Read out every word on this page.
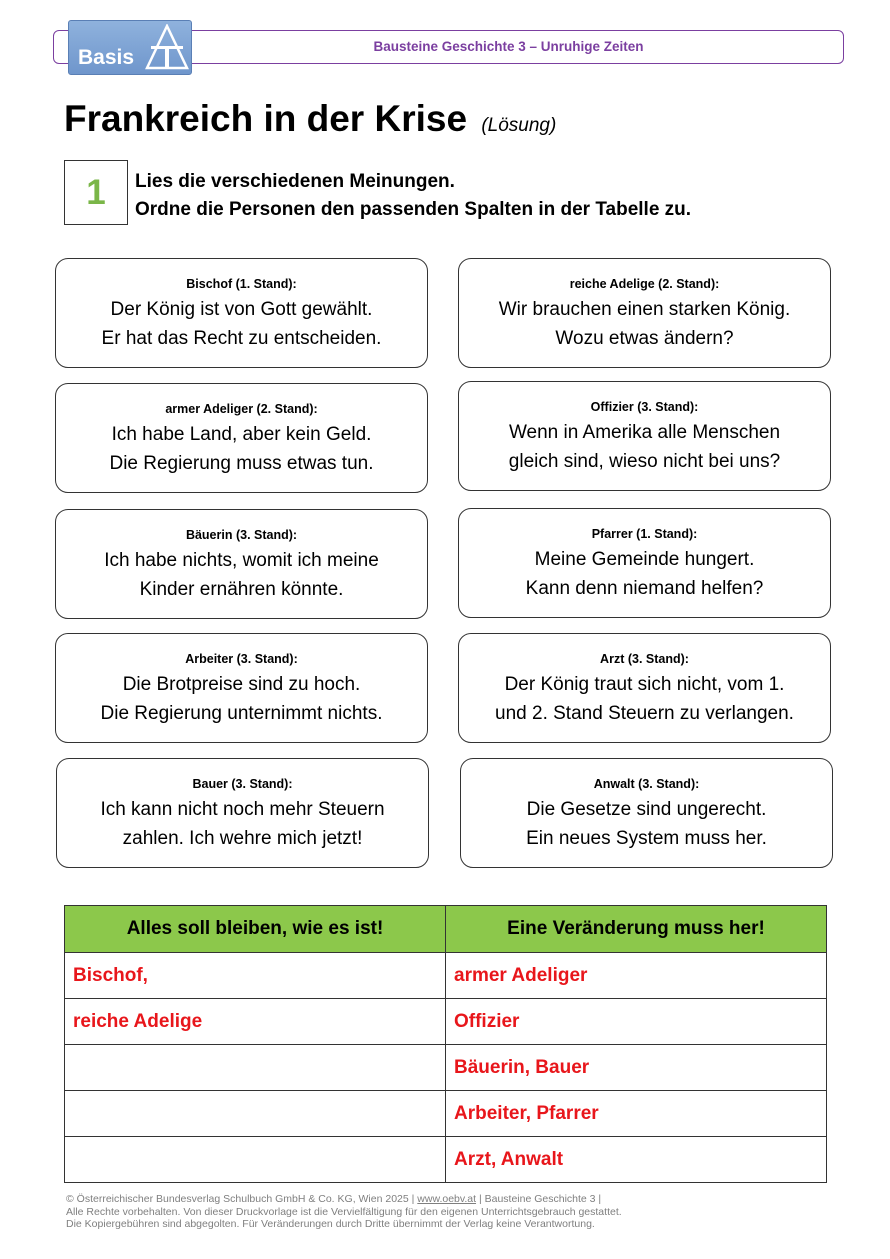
Bausteine Geschichte 3 – Unruhige Zeiten
Basis
Frankreich in der Krise (Lösung)
1	Lies die verschiedenen Meinungen.
Ordne die Personen den passenden Spalten in der Tabelle zu.
Bischof (1. Stand):
Der König ist von Gott gewählt.
Er hat das Recht zu entscheiden.
reiche Adelige (2. Stand):
Wir brauchen einen starken König.
Wozu etwas ändern?
armer Adeliger (2. Stand):
Ich habe Land, aber kein Geld.
Die Regierung muss etwas tun.
Offizier (3. Stand):
Wenn in Amerika alle Menschen
gleich sind, wieso nicht bei uns?
Bäuerin (3. Stand):
Ich habe nichts, womit ich meine
Kinder ernähren könnte.
Pfarrer (1. Stand):
Meine Gemeinde hungert.
Kann denn niemand helfen?
Arbeiter (3. Stand):
Die Brotpreise sind zu hoch.
Die Regierung unternimmt nichts.
Arzt (3. Stand):
Der König traut sich nicht, vom 1.
und 2. Stand Steuern zu verlangen.
Bauer (3. Stand):
Ich kann nicht noch mehr Steuern
zahlen. Ich wehre mich jetzt!
Anwalt (3. Stand):
Die Gesetze sind ungerecht.
Ein neues System muss her.
Alles soll bleiben, wie es ist!	Eine Veränderung muss her!
Bischof,	armer Adeliger
reiche Adelige	Offizier
	Bäuerin, Bauer
	Arbeiter, Pfarrer
	Arzt, Anwalt
© Österreichischer Bundesverlag Schulbuch GmbH & Co. KG, Wien 2025 | www.oebv.at | Bausteine Geschichte 3 |
Alle Rechte vorbehalten. Von dieser Druckvorlage ist die Vervielfältigung für den eigenen Unterrichtsgebrauch gestattet.
Die Kopiergebühren sind abgegolten. Für Veränderungen durch Dritte übernimmt der Verlag keine Verantwortung.
